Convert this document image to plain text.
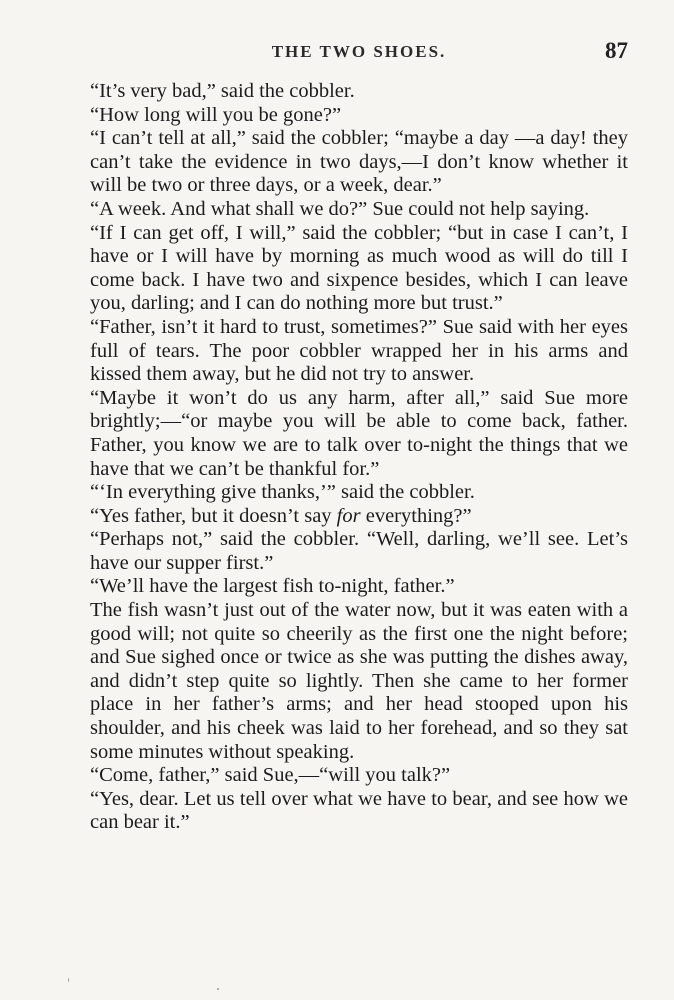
THE TWO SHOES.	87

“It’s very bad,” said the cobbler.

“How long will you be gone?”

“I can’t tell at all,” said the cobbler; “maybe a day —a day! they can’t take the evidence in two days,—I don’t know whether it will be two or three days, or a week, dear.”

“A week. And what shall we do?” Sue could not help saying.

“If I can get off, I will,” said the cobbler; “but in case I can’t, I have or I will have by morning as much wood as will do till I come back. I have two and sixpence besides, which I can leave you, darling; and I can do nothing more but trust.”

“Father, isn’t it hard to trust, sometimes?” Sue said with her eyes full of tears. The poor cobbler wrapped her in his arms and kissed them away, but he did not try to answer.

“Maybe it won’t do us any harm, after all,” said Sue more brightly;—“or maybe you will be able to come back, father. Father, you know we are to talk over to-night the things that we have that we can’t be thankful for.”

“‘In everything give thanks,’” said the cobbler.

“Yes father, but it doesn’t say for everything?”

“Perhaps not,” said the cobbler. “Well, darling, we’ll see. Let’s have our supper first.”

“We’ll have the largest fish to-night, father.”

The fish wasn’t just out of the water now, but it was eaten with a good will; not quite so cheerily as the first one the night before; and Sue sighed once or twice as she was putting the dishes away, and didn’t step quite so lightly. Then she came to her former place in her father’s arms; and her head stooped upon his shoulder, and his cheek was laid to her forehead, and so they sat some minutes without speaking.

“Come, father,” said Sue,—“will you talk?”

“Yes, dear. Let us tell over what we have to bear, and see how we can bear it.”
